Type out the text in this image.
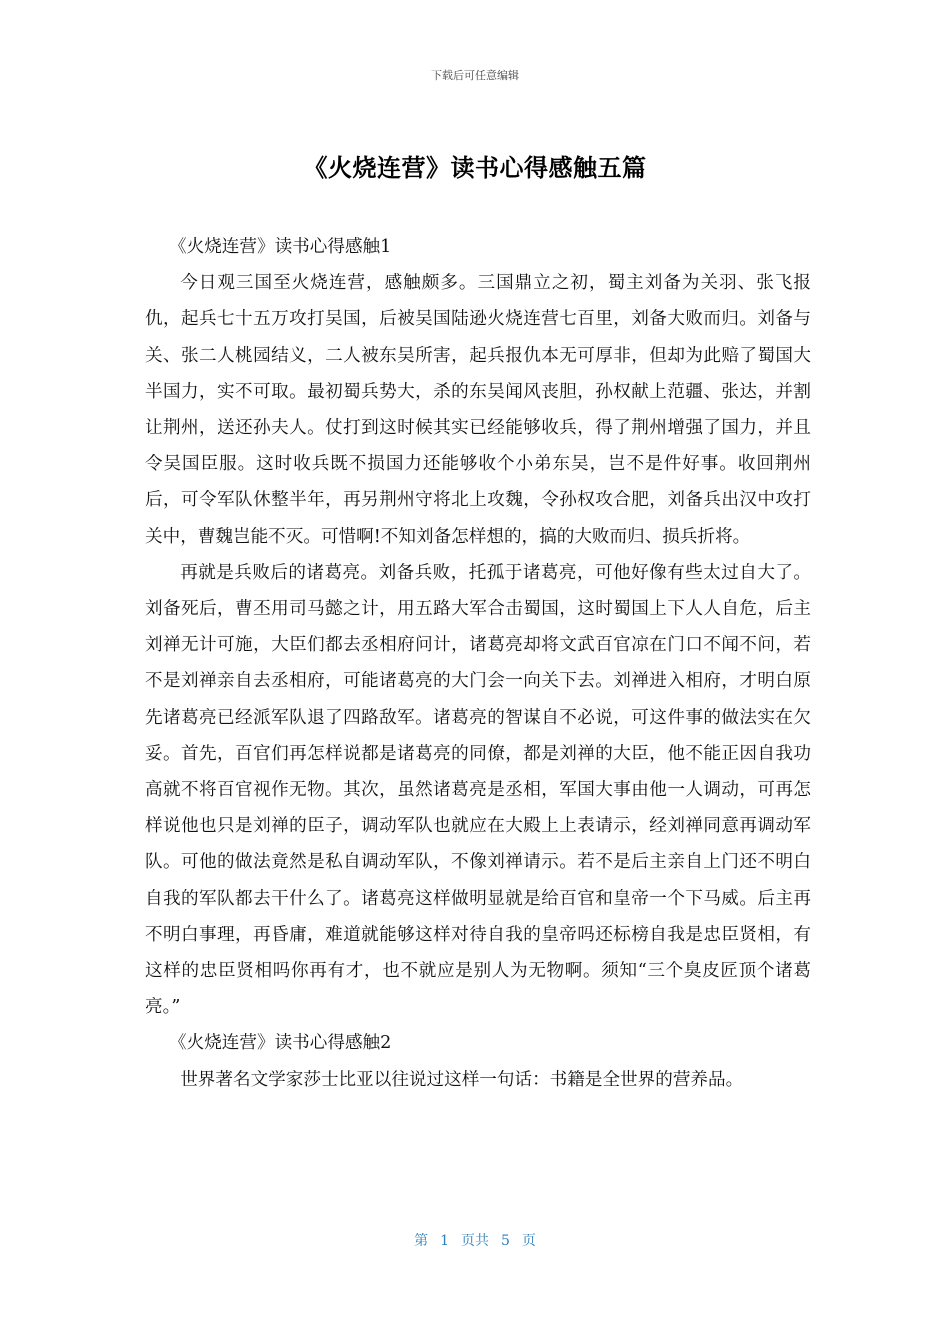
下载后可任意编辑
《火烧连营》读书心得感触五篇

《火烧连营》读书心得感触1

今日观三国至火烧连营，感触颇多。三国鼎立之初，蜀主刘备为关羽、张飞报仇，起兵七十五万攻打吴国，后被吴国陆逊火烧连营七百里，刘备大败而归。刘备与关、张二人桃园结义，二人被东吴所害，起兵报仇本无可厚非，但却为此赔了蜀国大半国力，实不可取。最初蜀兵势大，杀的东吴闻风丧胆，孙权献上范疆、张达，并割让荆州，送还孙夫人。仗打到这时候其实已经能够收兵，得了荆州增强了国力，并且令吴国臣服。这时收兵既不损国力还能够收个小弟东吴，岂不是件好事。收回荆州后，可令军队休整半年，再另荆州守将北上攻魏，令孙权攻合肥，刘备兵出汉中攻打关中，曹魏岂能不灭。可惜啊!不知刘备怎样想的，搞的大败而归、损兵折将。

再就是兵败后的诸葛亮。刘备兵败，托孤于诸葛亮，可他好像有些太过自大了。刘备死后，曹丕用司马懿之计，用五路大军合击蜀国，这时蜀国上下人人自危，后主刘禅无计可施，大臣们都去丞相府问计，诸葛亮却将文武百官凉在门口不闻不问，若不是刘禅亲自去丞相府，可能诸葛亮的大门会一向关下去。刘禅进入相府，才明白原先诸葛亮已经派军队退了四路敌军。诸葛亮的智谋自不必说，可这件事的做法实在欠妥。首先，百官们再怎样说都是诸葛亮的同僚，都是刘禅的大臣，他不能正因自我功高就不将百官视作无物。其次，虽然诸葛亮是丞相，军国大事由他一人调动，可再怎样说他也只是刘禅的臣子，调动军队也就应在大殿上上表请示，经刘禅同意再调动军队。可他的做法竟然是私自调动军队，不像刘禅请示。若不是后主亲自上门还不明白自我的军队都去干什么了。诸葛亮这样做明显就是给百官和皇帝一个下马威。后主再不明白事理，再昏庸，难道就能够这样对待自我的皇帝吗还标榜自我是忠臣贤相，有这样的忠臣贤相吗你再有才，也不就应是别人为无物啊。须知“三个臭皮匠顶个诸葛亮。”

《火烧连营》读书心得感触2

世界著名文学家莎士比亚以往说过这样一句话：书籍是全世界的营养品。

第 1 页共 5 页
